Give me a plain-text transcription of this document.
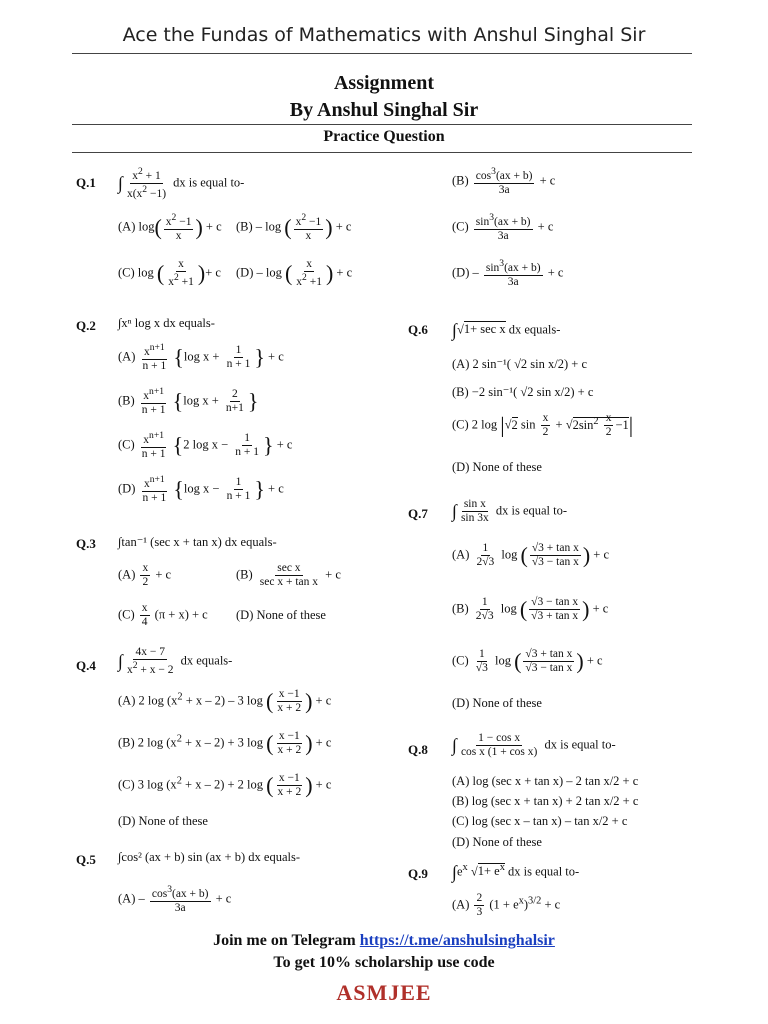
Ace the Fundas of Mathematics with Anshul Singhal Sir
Assignment
By Anshul Singhal Sir
Practice Question
Q.1 ∫ $\frac{x^2 + 1}{x(x^2 -1)}$ dx is equal to-
(A) $\log( \frac{x^2 -1}{x}$ ) + c (B) – log ( $\frac{x^2 -1}{x}$ ) + c
(C) log ( $\frac{x}{x^2 +1}$ )+ c (D) – log ( $\frac{x}{x^2 +1}$ ) + c
Q.2 ∫xⁿ log x dx equals-
$(A) \frac{x^{n+1}}{n + 1} \{\log$ $x + \frac{1}{n + 1}$ } + c
$(B) \frac{x^{n+1}}{n + 1} \{\log$ $x + \frac{2}{n+1}$ }
$(C) \frac{x^{n+1}}{n + 1} \{2$ $\log x - \frac{1}{n + 1}$ } + c
$(D) \frac{x^{n+1}}{n + 1} \{\log$ $x - \frac{1}{n + 1}$ } + c
Q.3 ∫tan⁻¹ (sec x + tan x) dx equals-
$(A) \frac{x}{2} + c$	$(B) \frac{\text{sec x}}{\text{sec x + tan x}} + c$
$(C) \frac{x}{4} (\pi + x) + c$ (D) None of these
Q.4 ∫ $\frac{4x - 7}{x^2 + x - 2}$ dx equals-
(A) 2 $\log (x^2 + x - 2) - 3$ log ( $\frac{x -1}{x + 2}$ ) + c
(B) 2 $\log (x^2 + x - 2) + 3$ log ( $\frac{x -1}{x + 2}$ ) + c
(C) 3 $\log (x^2 + x - 2) + 2$ log ( $\frac{x -1}{x + 2}$ ) + c
(D) None of these
Q.5 ∫cos² (ax + b) sin (ax + b) dx equals-
$(A) - \frac{\cos^3(ax + b)}{3a} + c$
$(B) \frac{\cos^3(ax + b)}{3a} + c$
$(C) \frac{\sin^3(ax + b)}{3a} + c$
$(D) - \frac{\sin^3(ax + b)}{3a} + c$
Q.6 ∫√1+ sec x dx equals-
(A) 2 sin⁻¹( √2 sin x/2) + c
(B) −2 sin⁻¹( √2 sin x/2) + c
(C) 2 log |√2 $\sin \frac{x}{2} + √2\sin^2 \frac{x}{2} -1|$
(D) None of these
Q.7 ∫ $\frac{\text{sin x}}{\sin 3x}$ dx is equal to-
$(A) \frac{1}{2√3}$ log ( $\frac{\text{√3 + tan x}}{\text{√3 − tan x}}$ ) + c
$(B) \frac{1}{2√3}$ log ( $\frac{\text{√3 − tan x}}{\text{√3 + tan x}}$ ) + c
$(C) \frac{1}{√3}$ log ( $\frac{\text{√3 + tan x}}{\text{√3 − tan x}}$ ) + c
(D) None of these
Q.8 ∫ $\frac{\text{1 − cos x}}{\text{cos x (1 + cos x)}}$ dx is equal to-
(A) log (sec x + tan x) – 2 tan x/2 + c
(B) log (sec x + tan x) + 2 tan x/2 + c
(C) log (sec x – tan x) – tan x/2 + c
(D) None of these
Q.9 $\int e^x$ $√1+ e^x$ dx is equal to-
$(A) \frac{2}{3} (1 + e^x)^{3/2} + c$
Join me on Telegram https://t.me/anshulsinghalsir
To get 10% scholarship use code
ASMJEE
